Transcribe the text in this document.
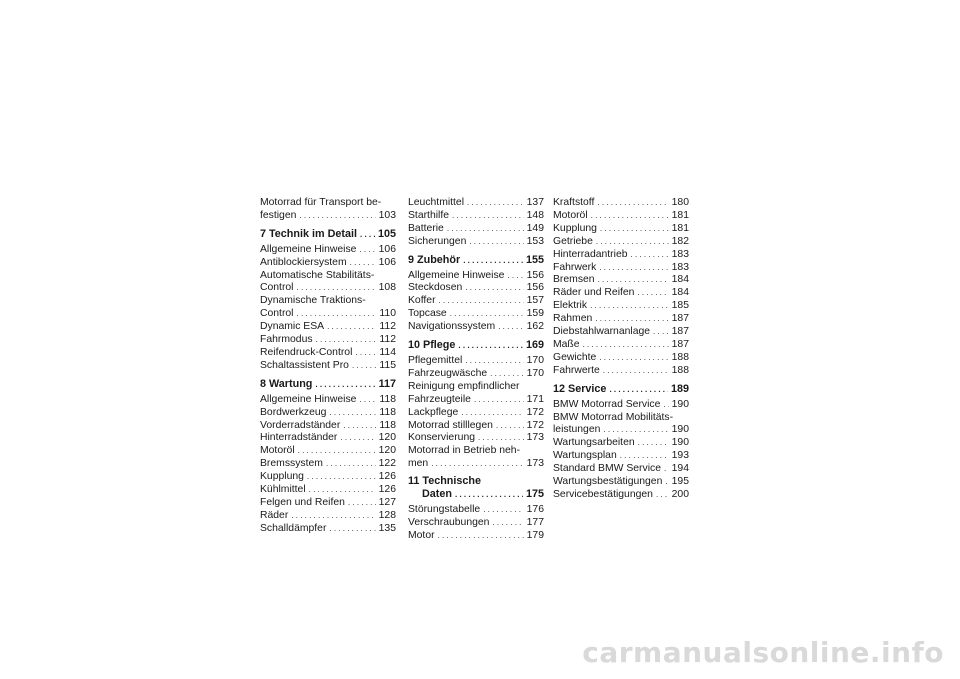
Motorrad für Transport be-
festigen . . .	103
7 Technik im Detail . . . 105
Allgemeine Hinweise . . . 106
Antiblockiersystem . . .	106
Automatische Stabilitäts-
Control . . .	108
Dynamische Traktions-
Control . . .	110
Dynamic ESA . . .	112
Fahrmodus . . .	112
Reifendruck-Control . . .	114
Schaltassistent Pro . . .	115
8 Wartung . . .	117
Allgemeine Hinweise . . . 118
Bordwerkzeug . . .	118
Vorderradständer . . .	118
Hinterradständer . . .	120
Motoröl . . .	120
Bremssystem . . .	122
Kupplung . . .	126
Kühlmittel . . .	126
Felgen und Reifen . . .	127
Räder . . .	128
Schalldämpfer . . .	135
Leuchtmittel . . .	137
Starthilfe . . .	148
Batterie . . .	149
Sicherungen . . .	153
9 Zubehör . . .	155
Allgemeine Hinweise . . . 156
Steckdosen . . .	156
Koffer . . .	157
Topcase . . .	159
Navigationssystem . . .	162
10 Pflege . . .	169
Pflegemittel . . .	170
Fahrzeugwäsche . . .	170
Reinigung empfindlicher
Fahrzeugteile . . .	171
Lackpflege . . .	172
Motorrad stilllegen . . .	172
Konservierung . . .	173
Motorrad in Betrieb neh-
men . . .	173
11 Technische
Daten . . .	175
Störungstabelle . . .	176
Verschraubungen . . .	177
Motor . . .	179
Kraftstoff . . .	180
Motoröl . . .	181
Kupplung . . .	181
Getriebe . . .	182
Hinterradantrieb . . .	183
Fahrwerk . . .	183
Bremsen . . .	184
Räder und Reifen . . .	184
Elektrik . . .	185
Rahmen . . .	187
Diebstahlwarnanlage . . . 187
Maße . . .	187
Gewichte . . .	188
Fahrwerte . . .	188
12 Service . . .	189
BMW Motorrad Service . . . 190
BMW Motorrad Mobilitäts-
leistungen . . .	190
Wartungsarbeiten . . .	190
Wartungsplan . . .	193
Standard BMW Service . . . 194
Wartungsbestätigungen . . . 195
Servicebestätigungen . . . 200
carmanualsonline.info
